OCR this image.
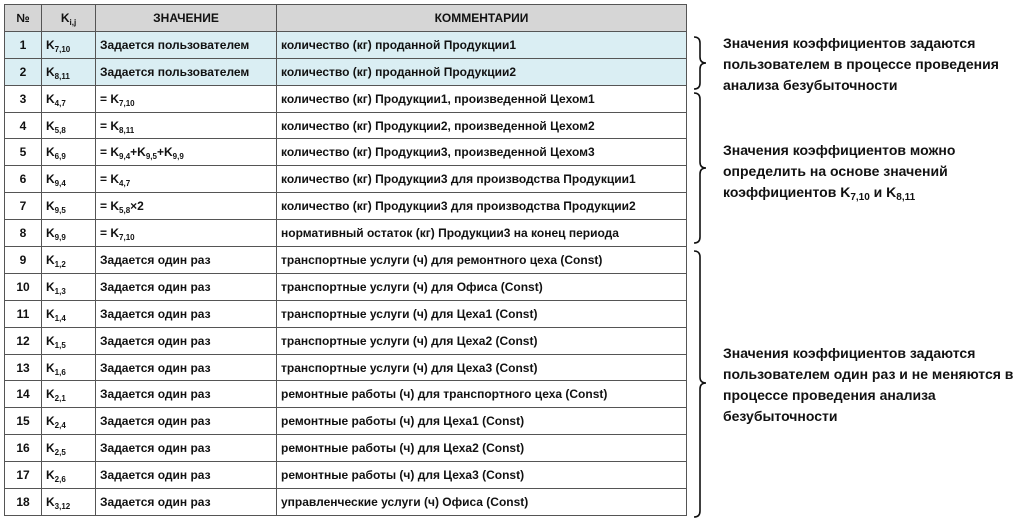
№	$K_{i,j}$	ЗНАЧЕНИЕ	КОММЕНТАРИИ
1	$K_{7,10}$	Задается пользователем	количество (кг) проданной Продукции1
2	$K_{8,11}$	Задается пользователем	количество (кг) проданной Продукции2
3	$K_{4,7}$	= $K_{7,10}$	количество (кг) Продукции1, произведенной Цехом1
4	$K_{5,8}$	= $K_{8,11}$	количество (кг) Продукции2, произведенной Цехом2
5	$K_{6,9}$	= $K_{9,4}+K_{9,5}+K_{9,9}$	количество (кг) Продукции3, произведенной Цехом3
6	$K_{9,4}$	= $K_{4,7}$	количество (кг) Продукции3 для производства Продукции1
7	$K_{9,5}$	= $K_{5,8}\times 2$	количество (кг) Продукции3 для производства Продукции2
8	$K_{9,9}$	= $K_{7,10}$	нормативный остаток (кг) Продукции3 на конец периода
9	$K_{1,2}$	Задается один раз	транспортные услуги (ч) для ремонтного цеха (Const)
10	$K_{1,3}$	Задается один раз	транспортные услуги (ч) для Офиса (Const)
11	$K_{1,4}$	Задается один раз	транспортные услуги (ч) для Цеха1 (Const)
12	$K_{1,5}$	Задается один раз	транспортные услуги (ч) для Цеха2 (Const)
13	$K_{1,6}$	Задается один раз	транспортные услуги (ч) для Цеха3 (Const)
14	$K_{2,1}$	Задается один раз	ремонтные работы (ч) для транспортного цеха (Const)
15	$K_{2,4}$	Задается один раз	ремонтные работы (ч) для Цеха1 (Const)
16	$K_{2,5}$	Задается один раз	ремонтные работы (ч) для Цеха2 (Const)
17	$K_{2,6}$	Задается один раз	ремонтные работы (ч) для Цеха3 (Const)
18	$K_{3,12}$	Задается один раз	управленческие услуги (ч) Офиса (Const)
Значения коэффициентов задаются пользователем в процессе проведения анализа безубыточности
Значения коэффициентов можно определить на основе значений коэффициентов $K_{7,10}$ и $K_{8,11}$
Значения коэффициентов задаются пользователем один раз и не меняются в процессе проведения анализа безубыточности
